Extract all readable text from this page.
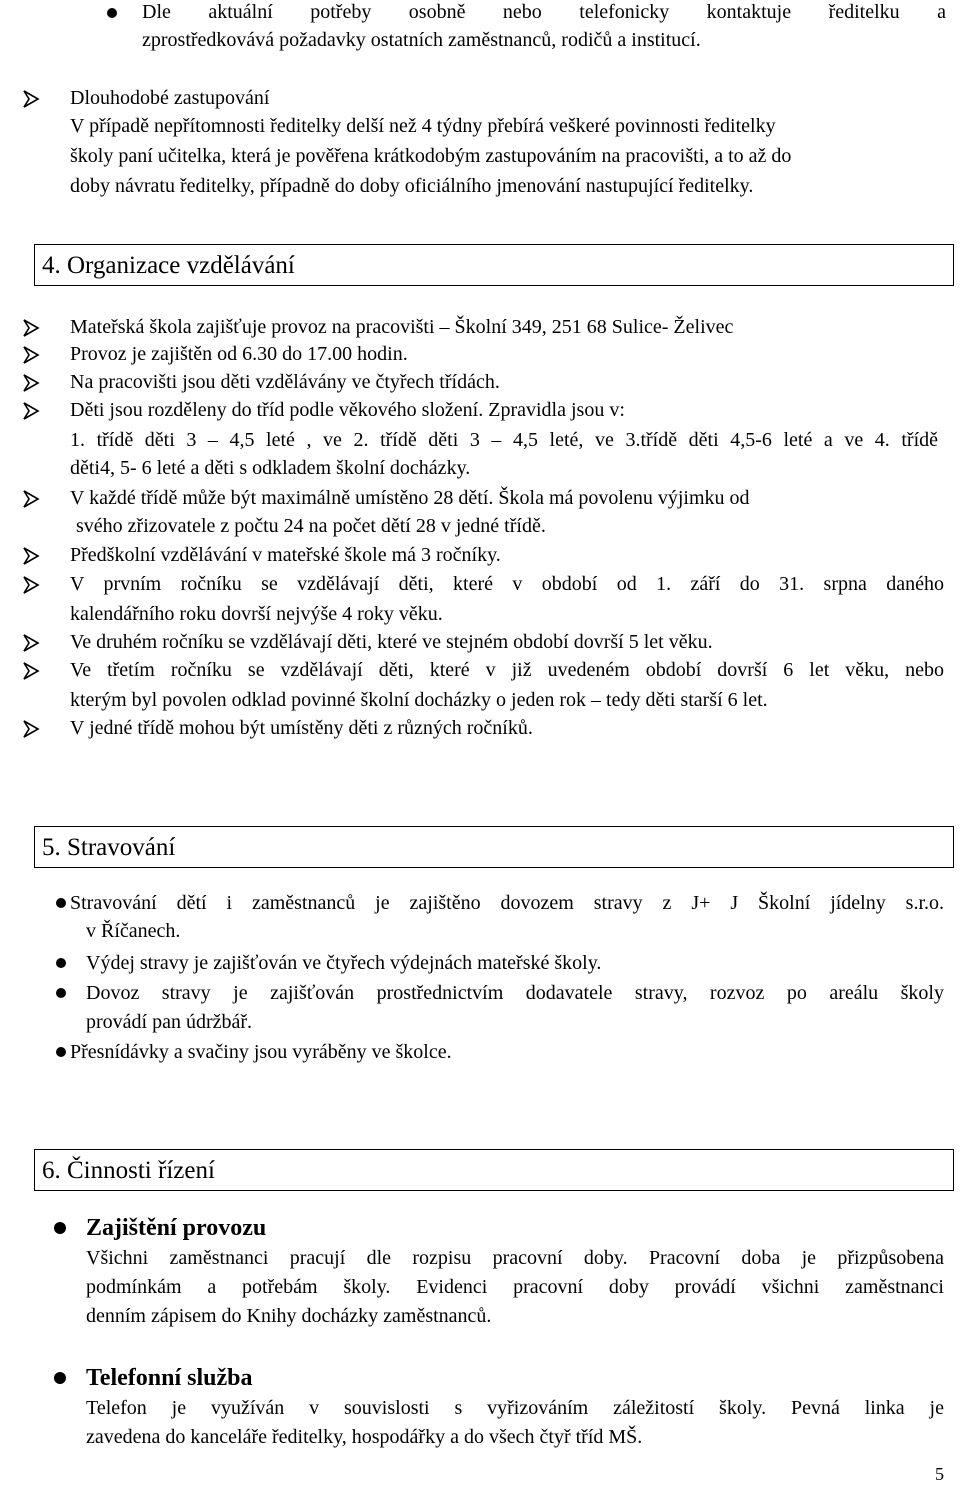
Dle aktuální potřeby osobně nebo telefonicky kontaktuje ředitelku a
zprostředkovává požadavky ostatních zaměstnanců, rodičů a institucí.
Dlouhodobé zastupování
V případě nepřítomnosti ředitelky delší než 4 týdny přebírá veškeré povinnosti ředitelky
školy paní učitelka, která je pověřena krátkodobým zastupováním na pracovišti, a to až do
doby návratu ředitelky, případně do doby oficiálního jmenování nastupující ředitelky.
4. Organizace vzdělávání
Mateřská škola zajišťuje provoz na pracovišti – Školní 349, 251 68 Sulice- Želivec
Provoz je zajištěn od 6.30 do 17.00 hodin.
Na pracovišti jsou děti vzdělávány ve čtyřech třídách.
Děti jsou rozděleny do tříd podle věkového složení. Zpravidla jsou v:
1. třídě děti 3 – 4,5 leté , ve 2. třídě děti 3 – 4,5 leté, ve 3.třídě děti 4,5-6 leté a ve 4. třídě
děti4, 5- 6 leté a děti s odkladem školní docházky.
V každé třídě může být maximálně umístěno 28 dětí. Škola má povolenu výjimku od
svého zřizovatele z počtu 24 na počet dětí 28 v jedné třídě.
Předškolní vzdělávání v mateřské škole má 3 ročníky.
V prvním ročníku se vzdělávají děti, které v období od 1. září do 31. srpna daného
kalendářního roku dovrší nejvýše 4 roky věku.
Ve druhém ročníku se vzdělávají děti, které ve stejném období dovrší 5 let věku.
Ve třetím ročníku se vzdělávají děti, které v již uvedeném období dovrší 6 let věku, nebo
kterým byl povolen odklad povinné školní docházky o jeden rok – tedy děti starší 6 let.
V jedné třídě mohou být umístěny děti z různých ročníků.
5. Stravování
Stravování dětí i zaměstnanců je zajištěno dovozem stravy z J+ J Školní jídelny s.r.o.
v Říčanech.
Výdej stravy je zajišťován ve čtyřech výdejnách mateřské školy.
Dovoz stravy je zajišťován prostřednictvím dodavatele stravy, rozvoz po areálu školy
provádí pan údržbář.
Přesnídávky a svačiny jsou vyráběny ve školce.
6. Činnosti řízení
Zajištění provozu
Všichni zaměstnanci pracují dle rozpisu pracovní doby. Pracovní doba je přizpůsobena
podmínkám a potřebám školy. Evidenci pracovní doby provádí všichni zaměstnanci
denním zápisem do Knihy docházky zaměstnanců.
Telefonní služba
Telefon je využíván v souvislosti s vyřizováním záležitostí školy. Pevná linka je
zavedena do kanceláře ředitelky, hospodářky a do všech čtyř tříd MŠ.
5
